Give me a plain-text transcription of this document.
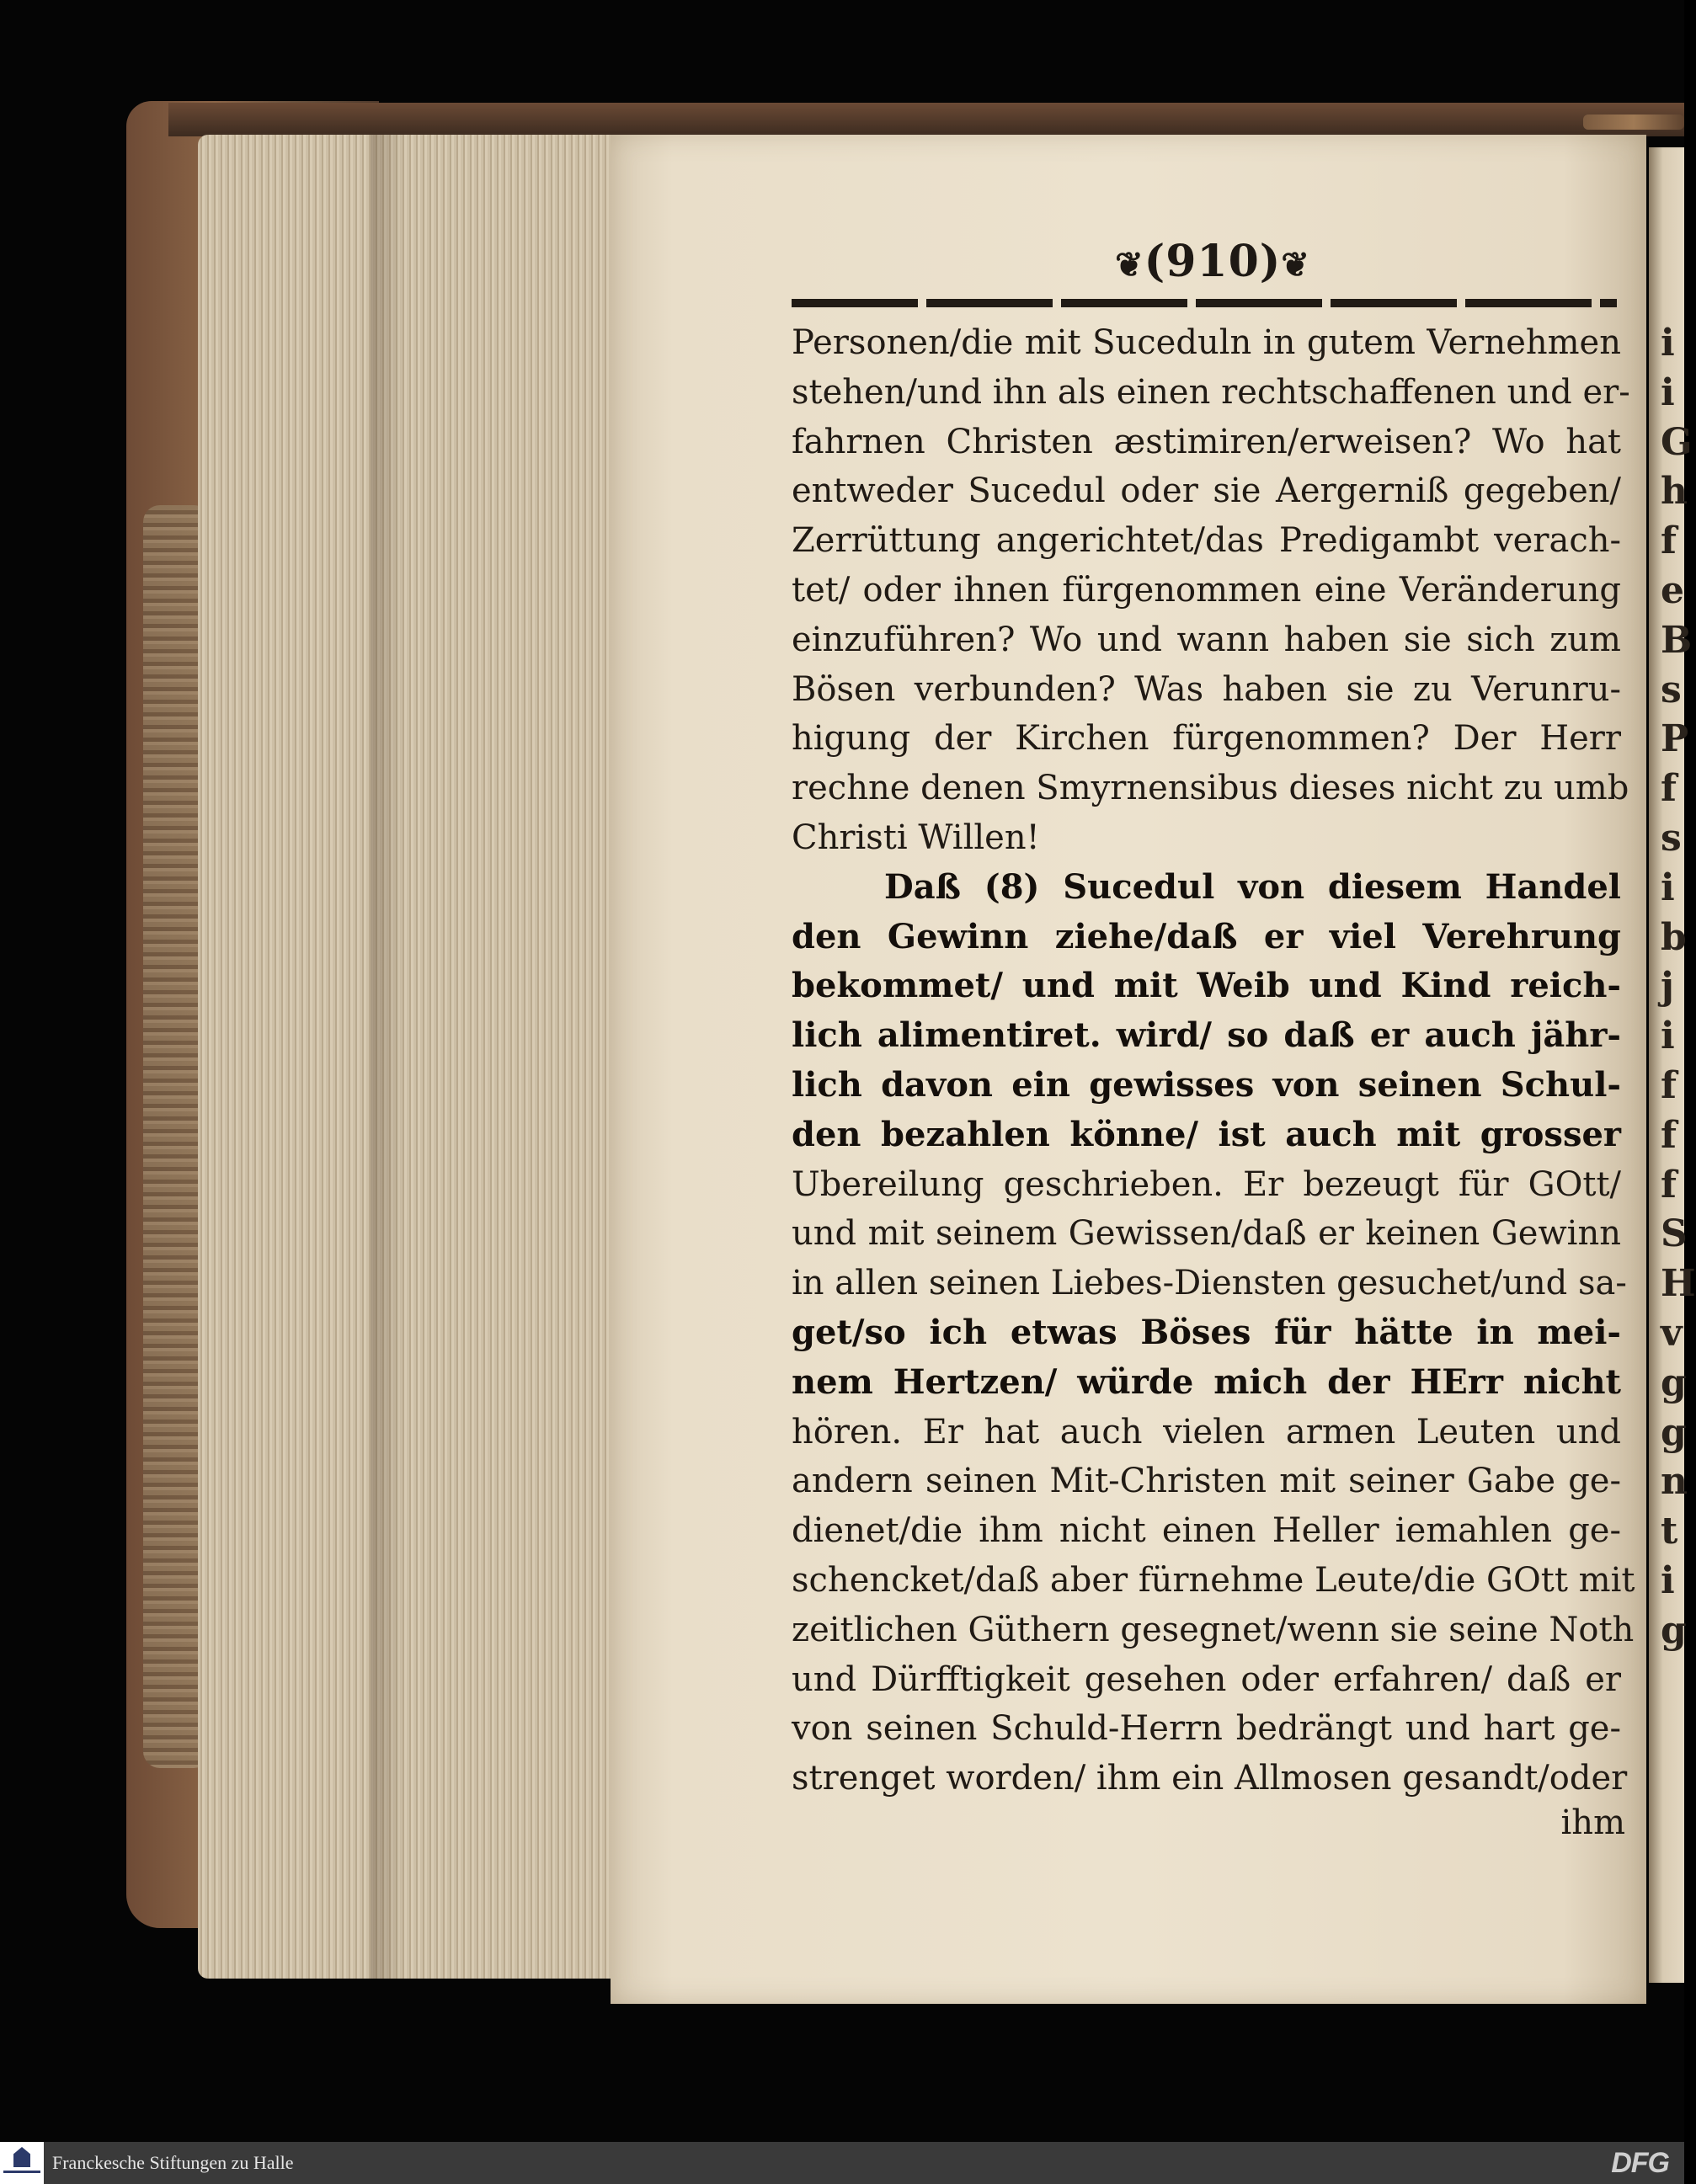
i
i
G
h
f
e
B
s
P
f
s
i
b
j
i
f
f
f
S
H
v
g
g
n
t
i
g
❦(910)❦
Personen/die mit Suceduln in gutem Vernehmen
stehen/und ihn als einen rechtschaffenen und er-
fahrnen Christen æstimiren/erweisen? Wo hat
entweder Sucedul oder sie Aergerniß gegeben/
Zerrüttung angerichtet/das Predigambt verach-
tet/ oder ihnen fürgenommen eine Veränderung
einzuführen? Wo und wann haben sie sich zum
Bösen verbunden? Was haben sie zu Verunru-
higung der Kirchen fürgenommen? Der Herr
rechne denen Smyrnensibus dieses nicht zu umb
Christi Willen!
Daß (8) Sucedul von diesem Handel
den Gewinn ziehe/daß er viel Verehrung
bekommet/ und mit Weib und Kind reich-
lich alimentiret. wird/ so daß er auch jähr-
lich davon ein gewisses von seinen Schul-
den bezahlen könne/ ist auch mit grosser
Ubereilung geschrieben. Er bezeugt für GOtt/
und mit seinem Gewissen/daß er keinen Gewinn
in allen seinen Liebes-Diensten gesuchet/und sa-
get/so ich etwas Böses für hätte in mei-
nem Hertzen/ würde mich der HErr nicht
hören. Er hat auch vielen armen Leuten und
andern seinen Mit-Christen mit seiner Gabe ge-
dienet/die ihm nicht einen Heller iemahlen ge-
schencket/daß aber fürnehme Leute/die GOtt mit
zeitlichen Güthern gesegnet/wenn sie seine Noth
und Dürfftigkeit gesehen oder erfahren/ daß er
von seinen Schuld-Herrn bedrängt und hart ge-
strenget worden/ ihm ein Allmosen gesandt/oder
ihm
Franckesche Stiftungen zu Halle	DFG
